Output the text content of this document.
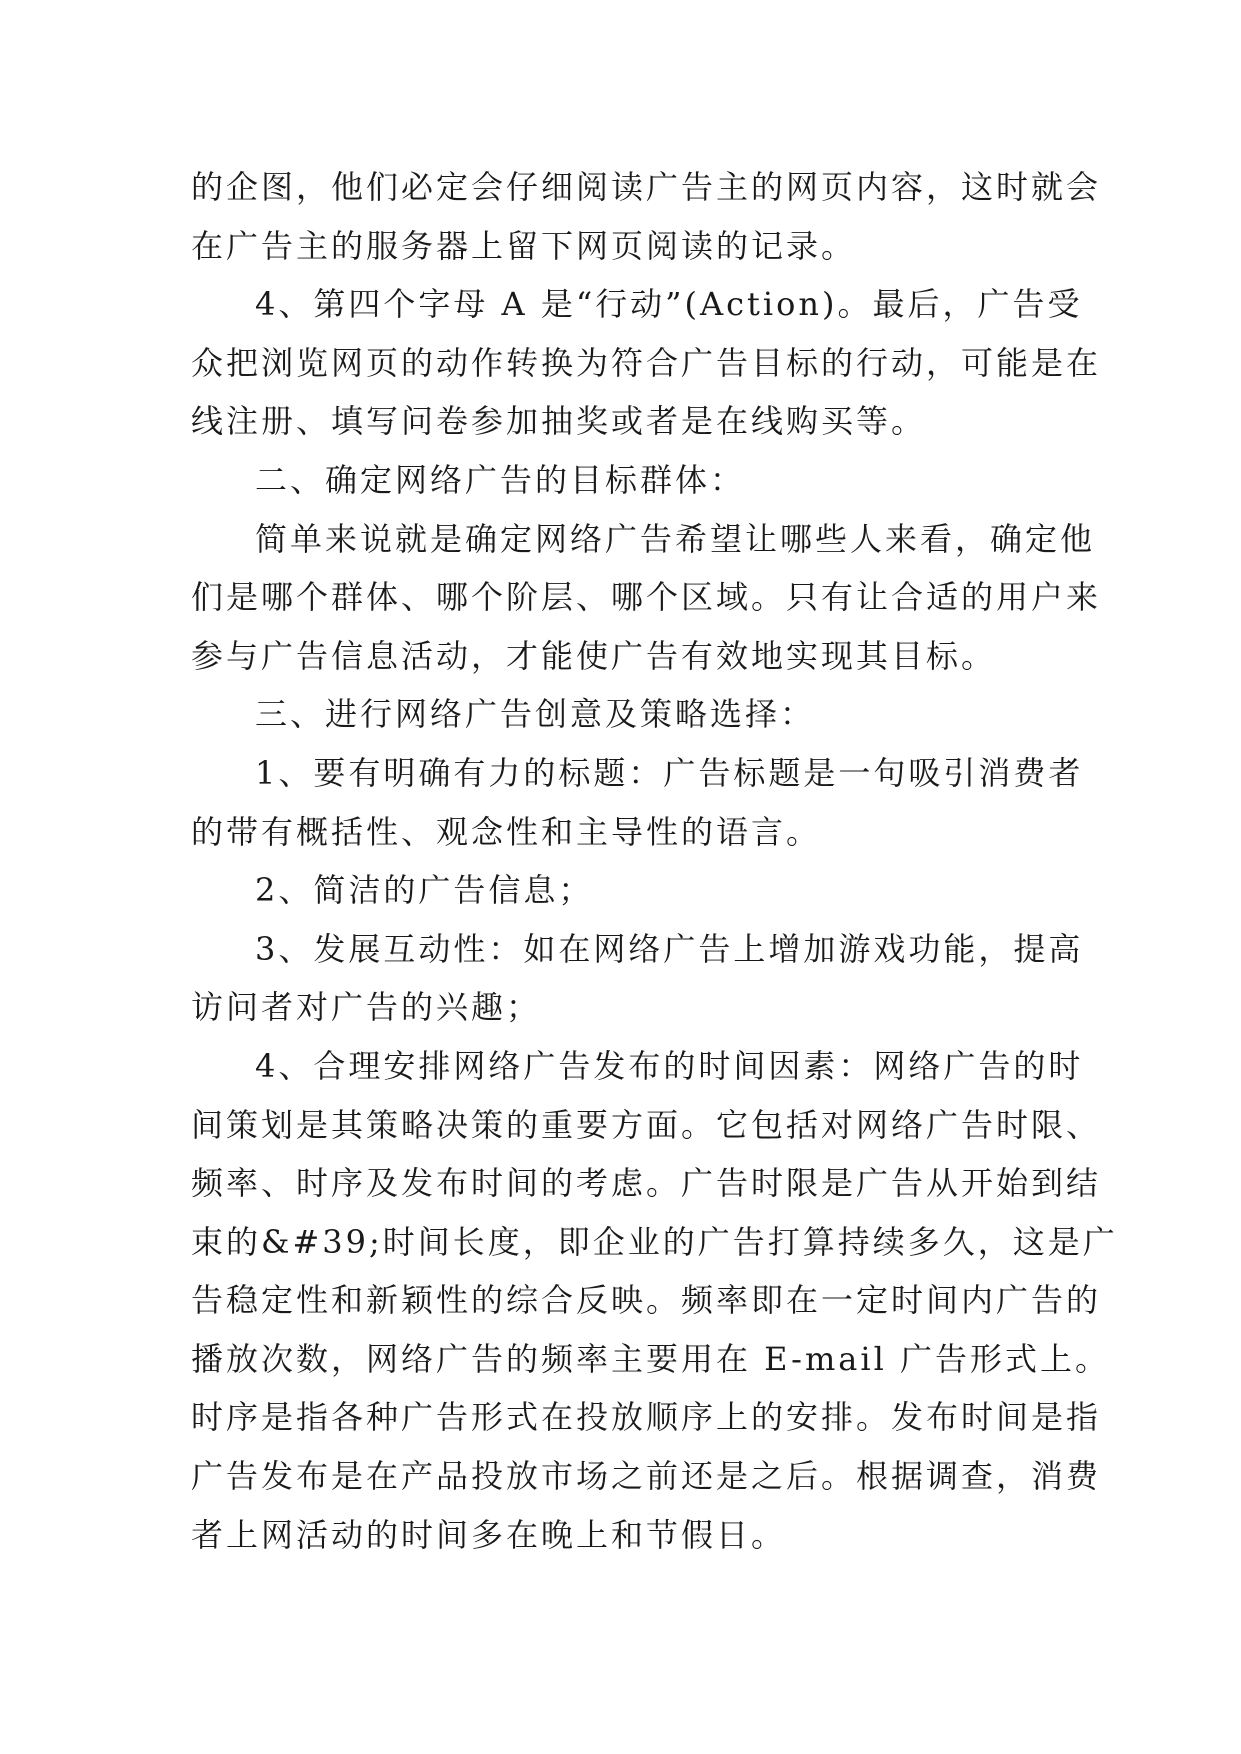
的企图，他们必定会仔细阅读广告主的网页内容，这时就会
在广告主的服务器上留下网页阅读的记录。
4、第四个字母 A 是“行动”(Action)。最后，广告受
众把浏览网页的动作转换为符合广告目标的行动，可能是在
线注册、填写问卷参加抽奖或者是在线购买等。
二、确定网络广告的目标群体：
简单来说就是确定网络广告希望让哪些人来看，确定他
们是哪个群体、哪个阶层、哪个区域。只有让合适的用户来
参与广告信息活动，才能使广告有效地实现其目标。
三、进行网络广告创意及策略选择：
1、要有明确有力的标题：广告标题是一句吸引消费者
的带有概括性、观念性和主导性的语言。
2、简洁的广告信息；
3、发展互动性：如在网络广告上增加游戏功能，提高
访问者对广告的兴趣；
4、合理安排网络广告发布的时间因素：网络广告的时
间策划是其策略决策的重要方面。它包括对网络广告时限、
频率、时序及发布时间的考虑。广告时限是广告从开始到结
束的&#39;时间长度，即企业的广告打算持续多久，这是广
告稳定性和新颖性的综合反映。频率即在一定时间内广告的
播放次数，网络广告的频率主要用在 E-mail 广告形式上。
时序是指各种广告形式在投放顺序上的安排。发布时间是指
广告发布是在产品投放市场之前还是之后。根据调查，消费
者上网活动的时间多在晚上和节假日。
